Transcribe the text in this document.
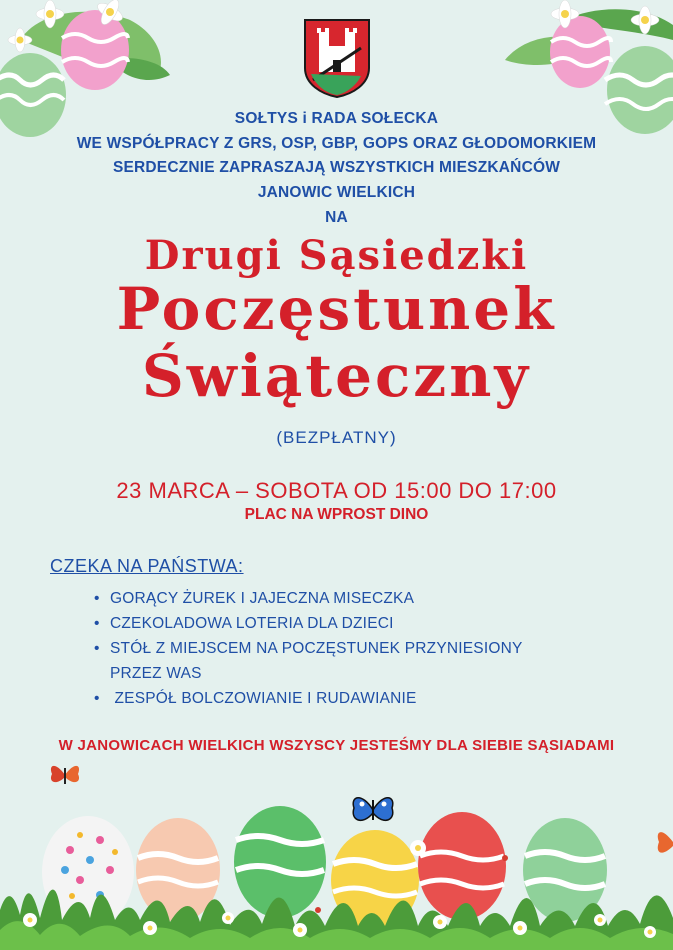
SOŁTYS i RADA SOŁECKA
WE WSPÓŁPRACY Z GRS, OSP, GBP, GOPS ORAZ GŁODOMORKIEM
SERDECZNIE ZAPRASZAJĄ WSZYSTKICH MIESZKAŃCÓW
JANOWIC WIELKICH
NA
Drugi Sąsiedzki
Poczęstunek
Świąteczny
(BEZPŁATNY)
23 MARCA – SOBOTA OD 15:00 DO 17:00
PLAC NA WPROST DINO
CZEKA NA PAŃSTWA:
• GORĄCY ŻUREK I JAJECZNA MISECZKA
• CZEKOLADOWA LOTERIA DLA DZIECI
• STÓŁ Z MIEJSCEM NA POCZĘSTUNEK PRZYNIESIONY PRZEZ WAS
• ZESPÓŁ BOLCZOWIANIE I RUDAWIANIE
W JANOWICACH WIELKICH WSZYSCY JESTEŚMY DLA SIEBIE SĄSIADAMI
